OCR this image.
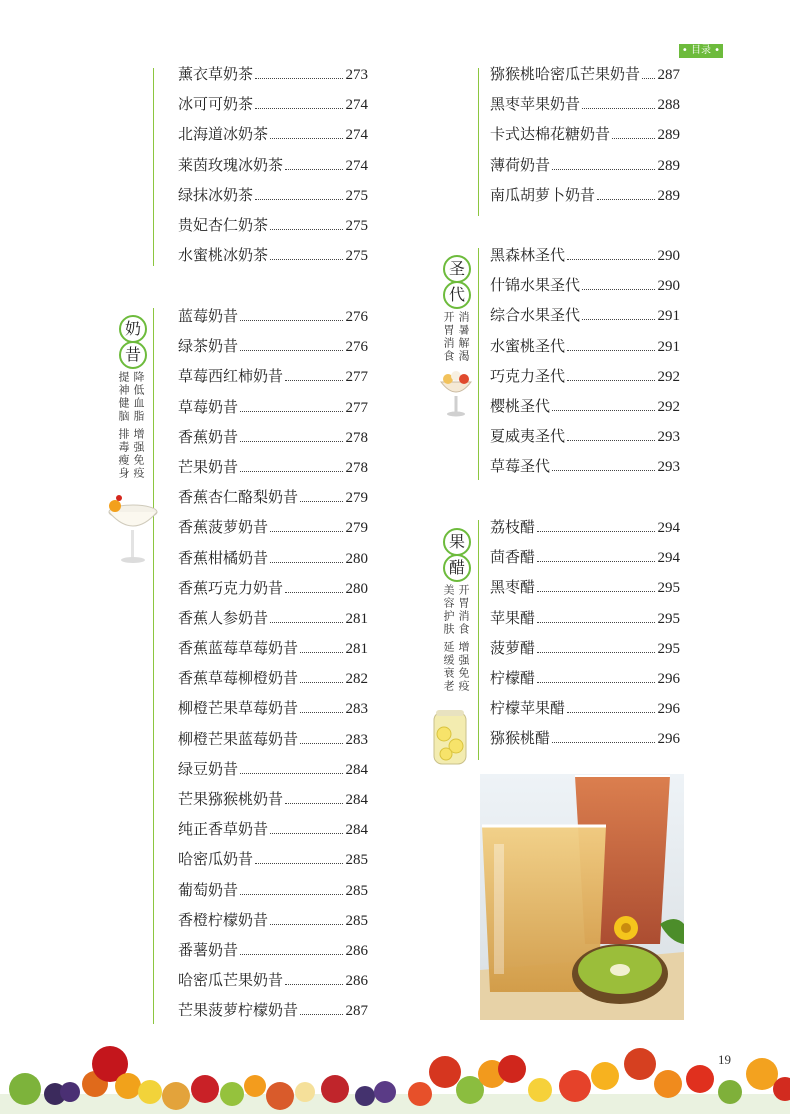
• 目录 •
薰衣草奶茶	273
冰可可奶茶	274
北海道冰奶茶	274
莱茵玫瑰冰奶茶	274
绿抹冰奶茶	275
贵妃杏仁奶茶	275
水蜜桃冰奶茶	275
蓝莓奶昔	276
绿茶奶昔	276
草莓西红柿奶昔	277
草莓奶昔	277
香蕉奶昔	278
芒果奶昔	278
香蕉杏仁酪梨奶昔	279
香蕉菠萝奶昔	279
香蕉柑橘奶昔	280
香蕉巧克力奶昔	280
香蕉人参奶昔	281
香蕉蓝莓草莓奶昔	281
香蕉草莓柳橙奶昔	282
柳橙芒果草莓奶昔	283
柳橙芒果蓝莓奶昔	283
绿豆奶昔	284
芒果猕猴桃奶昔	284
纯正香草奶昔	284
哈密瓜奶昔	285
葡萄奶昔	285
香橙柠檬奶昔	285
番薯奶昔	286
哈密瓜芒果奶昔	286
芒果菠萝柠檬奶昔	287
猕猴桃哈密瓜芒果奶昔 287
黑枣苹果奶昔	288
卡式达棉花糖奶昔	289
薄荷奶昔	289
南瓜胡萝卜奶昔	289
黑森林圣代	290
什锦水果圣代	290
综合水果圣代	291
水蜜桃圣代	291
巧克力圣代	292
樱桃圣代	292
夏威夷圣代	293
草莓圣代	293
荔枝醋	294
茴香醋	294
黑枣醋	295
苹果醋	295
菠萝醋	295
柠檬醋	296
柠檬苹果醋	296
猕猴桃醋	296
奶
昔
降低血脂
提神健脑
增强免疫
排毒瘦身
圣
代
消暑解渴
开胃消食
果
醋
开胃消食
美容护肤
增强免疫
延缓衰老
19
